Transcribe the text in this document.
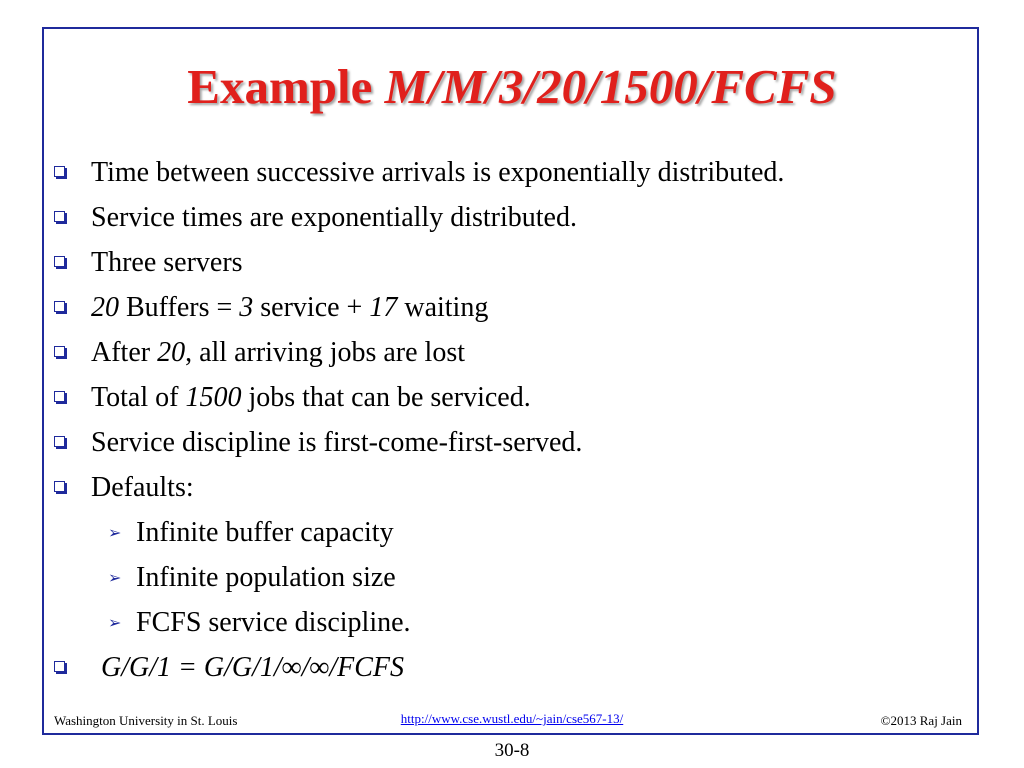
Example M/M/3/20/1500/FCFS
Time between successive arrivals is exponentially distributed.
Service times are exponentially distributed.
Three servers
20 Buffers = 3 service + 17 waiting
After 20, all arriving jobs are lost
Total of 1500 jobs that can be serviced.
Service discipline is first-come-first-served.
Defaults:
➢ Infinite buffer capacity
➢ Infinite population size
➢ FCFS service discipline.
G/G/1 = G/G/1/∞/∞/FCFS
Washington University in St. Louis	http://www.cse.wustl.edu/~jain/cse567-13/	©2013 Raj Jain
30-8
